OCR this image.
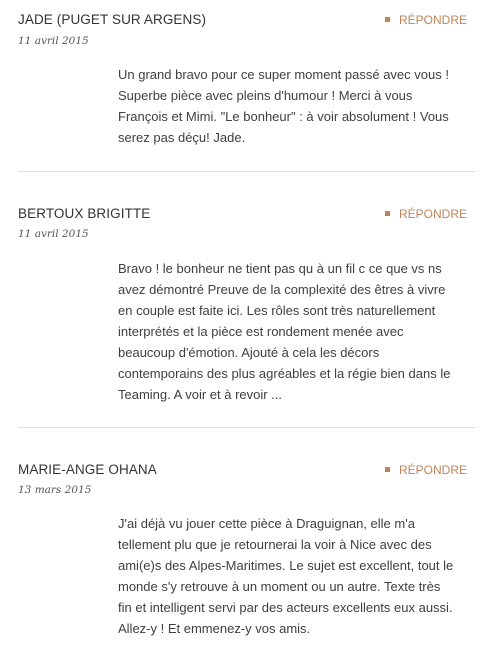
JADE (PUGET SUR ARGENS)
11 avril 2015
RÉPONDRE
Un grand bravo pour ce super moment passé avec vous !
Superbe pièce avec pleins d'humour ! Merci à vous
François et Mimi. "Le bonheur" : à voir absolument ! Vous
serez pas déçu! Jade.
BERTOUX BRIGITTE
11 avril 2015
RÉPONDRE
Bravo ! le bonheur ne tient pas qu à un fil c ce que vs ns
avez démontré Preuve de la complexité des êtres à vivre
en couple est faite ici. Les rôles sont très naturellement
interprétés et la pièce est rondement menée avec
beaucoup d'émotion. Ajouté à cela les décors
contemporains des plus agréables et la régie bien dans le
Teaming. A voir et à revoir ...
MARIE-ANGE OHANA
13 mars 2015
RÉPONDRE
J'ai déjà vu jouer cette pièce à Draguignan, elle m'a
tellement plu que je retournerai la voir à Nice avec des
ami(e)s des Alpes-Maritimes. Le sujet est excellent, tout le
monde s'y retrouve à un moment ou un autre. Texte très
fin et intelligent servi par des acteurs excellents eux aussi.
Allez-y ! Et emmenez-y vos amis.
